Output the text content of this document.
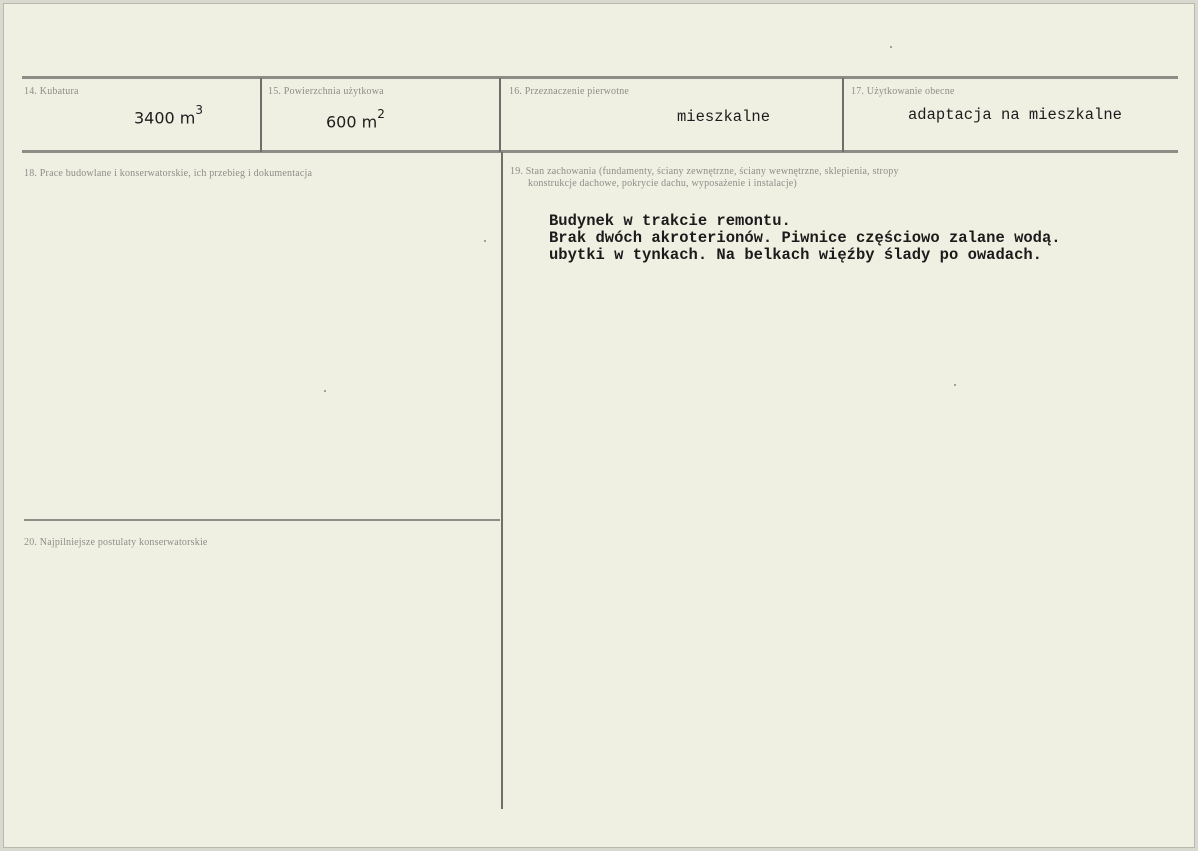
14. Kubatura
3400 $m^3$
15. Powierzchnia użytkowa
600 $m^2$
16. Przeznaczenie pierwotne
mieszkalne
17. Użytkowanie obecne
adaptacja na mieszkalne
18. Prace budowlane i konserwatorskie, ich przebieg i dokumentacja	19. Stan zachowania (fundamenty, ściany zewnętrzne, ściany wewnętrzne, sklepienia, stropy
konstrukcje dachowe, pokrycie dachu, wyposażenie i instalacje)
Budynek w trakcie remontu.
Brak dwóch akroterionów. Piwnice częściowo zalane wodą.
ubytki w tynkach. Na belkach więźby ślady po owadach.
20. Najpilniejsze postulaty konserwatorskie
